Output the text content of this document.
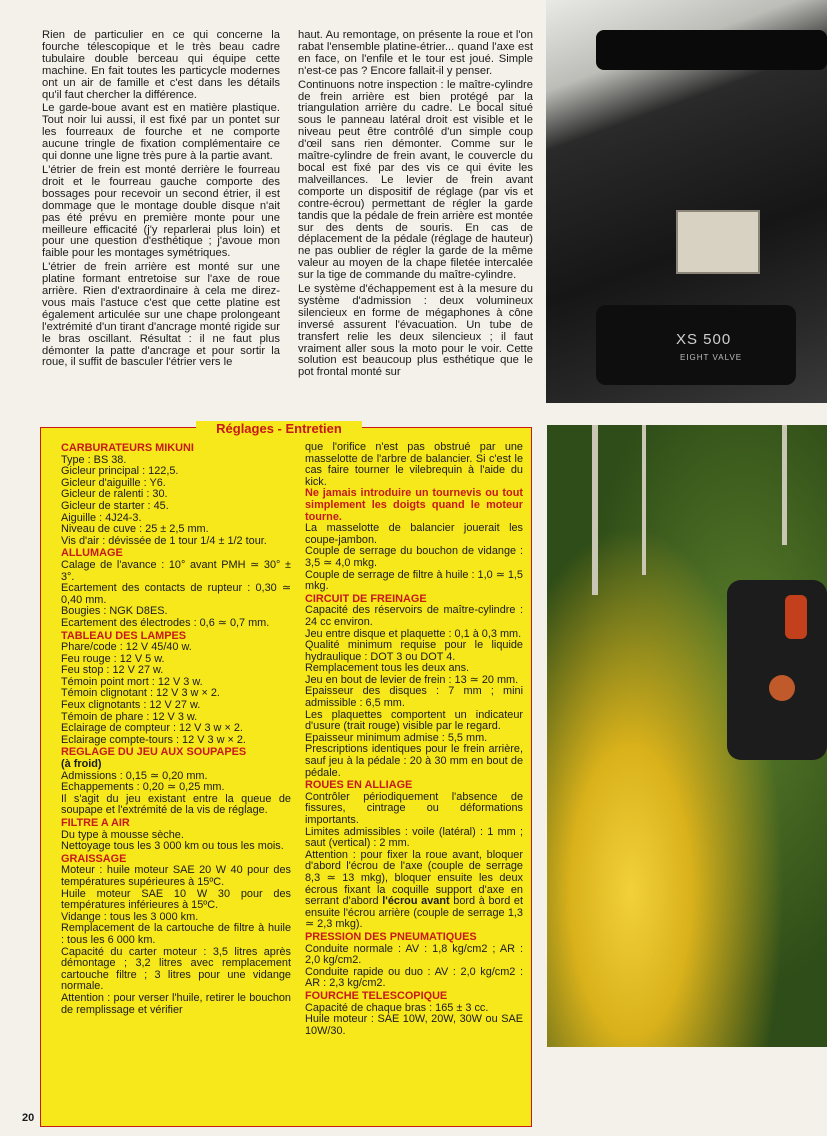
Rien de particulier en ce qui concerne la fourche télescopique et le très beau cadre tubulaire double berceau qui équipe cette machine. En fait toutes les particycle modernes ont un air de famille et c'est dans les détails qu'il faut chercher la différence.

Le garde-boue avant est en matière plastique. Tout noir lui aussi, il est fixé par un pontet sur les fourreaux de fourche et ne comporte aucune tringle de fixation complémentaire ce qui donne une ligne très pure à la partie avant.

L'étrier de frein est monté derrière le fourreau droit et le fourreau gauche comporte des bossages pour recevoir un second étrier, il est dommage que le montage double disque n'ait pas été prévu en première monte pour une meilleure efficacité (j'y reparlerai plus loin) et pour une question d'esthétique ; j'avoue mon faible pour les montages symétriques.

L'étrier de frein arrière est monté sur une platine formant entretoise sur l'axe de roue arrière. Rien d'extraordinaire à cela me direz-vous mais l'astuce c'est que cette platine est également articulée sur une chape prolongeant l'extrémité d'un tirant d'ancrage monté rigide sur le bras oscillant. Résultat : il ne faut plus démonter la patte d'ancrage et pour sortir la roue, il suffit de basculer l'étrier vers le

haut. Au remontage, on présente la roue et l'on rabat l'ensemble platine-étrier... quand l'axe est en face, on l'enfile et le tour est joué. Simple n'est-ce pas ? Encore fallait-il y penser.

Continuons notre inspection : le maître-cylindre de frein arrière est bien protégé par la triangulation arrière du cadre. Le bocal situé sous le panneau latéral droit est visible et le niveau peut être contrôlé d'un simple coup d'œil sans rien démonter. Comme sur le maître-cylindre de frein avant, le couvercle du bocal est fixé par des vis ce qui évite les malveillances. Le levier de frein avant comporte un dispositif de réglage (par vis et contre-écrou) permettant de régler la garde tandis que la pédale de frein arrière est montée sur des dents de souris. En cas de déplacement de la pédale (réglage de hauteur) ne pas oublier de régler la garde de la même valeur au moyen de la chape filetée intercalée sur la tige de commande du maître-cylindre.

Le système d'échappement est à la mesure du système d'admission : deux volumineux silencieux en forme de mégaphones à cône inversé assurent l'évacuation. Un tube de transfert relie les deux silencieux ; il faut vraiment aller sous la moto pour le voir. Cette solution est beaucoup plus esthétique que le pot frontal monté sur

XS 500
EIGHT VALVE

CARBURATEURS MIKUNI

Type : BS 38.

Gicleur principal : 122,5.

Gicleur d'aiguille : Y6.

Gicleur de ralenti : 30.

Gicleur de starter : 45.

Aiguille : 4J24-3.

Niveau de cuve : 25 ± 2,5 mm.

Vis d'air : dévissée de 1 tour 1/4 ± 1/2 tour.

ALLUMAGE

Calage de l'avance : 10° avant PMH ≃ 30° ± 3°.

Ecartement des contacts de rupteur : 0,30 ≃ 0,40 mm.

Bougies : NGK D8ES.

Ecartement des électrodes : 0,6 ≃ 0,7 mm.

TABLEAU DES LAMPES

Phare/code : 12 V 45/40 w.

Feu rouge : 12 V 5 w.

Feu stop : 12 V 27 w.

Témoin point mort : 12 V 3 w.

Témoin clignotant : 12 V 3 w × 2.

Feux clignotants : 12 V 27 w.

Témoin de phare : 12 V 3 w.

Eclairage de compteur : 12 V 3 w × 2.

Eclairage compte-tours : 12 V 3 w × 2.

REGLAGE DU JEU AUX SOUPAPES

(à froid)

Admissions : 0,15 ≃ 0,20 mm.

Echappements : 0,20 ≃ 0,25 mm.

Il s'agit du jeu existant entre la queue de soupape et l'extrémité de la vis de réglage.

FILTRE A AIR

Du type à mousse sèche.

Nettoyage tous les 3 000 km ou tous les mois.

GRAISSAGE

Moteur : huile moteur SAE 20 W 40 pour des températures supérieures à 15ºC.

Huile moteur SAE 10 W 30 pour des températures inférieures à 15ºC.

Vidange : tous les 3 000 km.

Remplacement de la cartouche de filtre à huile : tous les 6 000 km.

Capacité du carter moteur : 3,5 litres après démontage ; 3,2 litres avec remplacement cartouche filtre ; 3 litres pour une vidange normale.

Attention : pour verser l'huile, retirer le bouchon de remplissage et vérifier

que l'orifice n'est pas obstrué par une masselotte de l'arbre de balancier. Si c'est le cas faire tourner le vilebrequin à l'aide du kick.

Ne jamais introduire un tournevis ou tout simplement les doigts quand le moteur tourne.

La masselotte de balancier jouerait les coupe-jambon.

Couple de serrage du bouchon de vidange : 3,5 ≃ 4,0 mkg.

Couple de serrage de filtre à huile : 1,0 ≃ 1,5 mkg.

CIRCUIT DE FREINAGE

Capacité des réservoirs de maître-cylindre : 24 cc environ.

Jeu entre disque et plaquette : 0,1 à 0,3 mm.

Qualité minimum requise pour le liquide hydraulique : DOT 3 ou DOT 4.

Remplacement tous les deux ans.

Jeu en bout de levier de frein : 13 ≃ 20 mm.

Epaisseur des disques : 7 mm ; mini admissible : 6,5 mm.

Les plaquettes comportent un indicateur d'usure (trait rouge) visible par le regard.

Epaisseur minimum admise : 5,5 mm.

Prescriptions identiques pour le frein arrière, sauf jeu à la pédale : 20 à 30 mm en bout de pédale.

ROUES EN ALLIAGE

Contrôler périodiquement l'absence de fissures, cintrage ou déformations importants.

Limites admissibles : voile (latéral) : 1 mm ; saut (vertical) : 2 mm.

Attention : pour fixer la roue avant, bloquer d'abord l'écrou de l'axe (couple de serrage 8,3 ≃ 13 mkg), bloquer ensuite les deux écrous fixant la coquille support d'axe en serrant d'abord l'écrou avant bord à bord et ensuite l'écrou arrière (couple de serrage 1,3 ≃ 2,3 mkg).

PRESSION DES PNEUMATIQUES

Conduite normale : AV : 1,8 kg/cm2 ; AR : 2,0 kg/cm2.

Conduite rapide ou duo : AV : 2,0 kg/cm2 : AR : 2,3 kg/cm2.

FOURCHE TELESCOPIQUE

Capacité de chaque bras : 165 ± 3 cc.

Huile moteur : SAE 10W, 20W, 30W ou SAE 10W/30.

Réglages - Entretien
20
